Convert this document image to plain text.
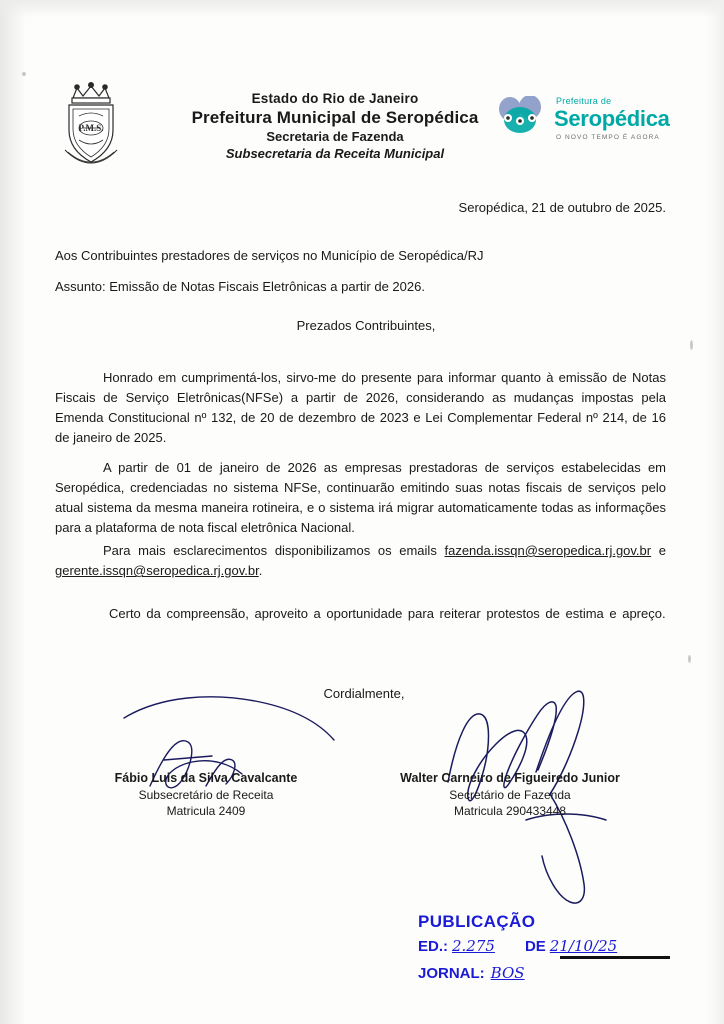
P.M.S.
Estado do Rio de Janeiro
Prefeitura Municipal de Seropédica
Secretaria de Fazenda
Subsecretaria da Receita Municipal
Prefeitura de
Seropédica
O NOVO TEMPO É AGORA
Seropédica, 21 de outubro de 2025.
Aos Contribuintes prestadores de serviços no Município de Seropédica/RJ
Assunto: Emissão de Notas Fiscais Eletrônicas a partir de 2026.
Prezados Contribuintes,
Honrado em cumprimentá-los, sirvo-me do presente para informar quanto à emissão de Notas Fiscais de Serviço Eletrônicas(NFSe) a partir de 2026, considerando as mudanças impostas pela Emenda Constitucional nº 132, de 20 de dezembro de 2023 e Lei Complementar Federal nº 214, de 16 de janeiro de 2025.
A partir de 01 de janeiro de 2026 as empresas prestadoras de serviços estabelecidas em Seropédica, credenciadas no sistema NFSe, continuarão emitindo suas notas fiscais de serviços pelo atual sistema da mesma maneira rotineira, e o sistema irá migrar automaticamente todas as informações para a plataforma de nota fiscal eletrônica Nacional.
Para mais esclarecimentos disponibilizamos os emails fazenda.issqn@seropedica.rj.gov.br e gerente.issqn@seropedica.rj.gov.br.
Certo da compreensão, aproveito a oportunidade para reiterar protestos de estima e apreço.
Cordialmente,
Fábio Luis da Silva Cavalcante
Subsecretário de Receita
Matricula 2409
Walter Carneiro de Figueiredo Junior
Secretário de Fazenda
Matricula 290433448
PUBLICAÇÃO
ED.: 2.275 DE 21/10/25
JORNAL: BOS
